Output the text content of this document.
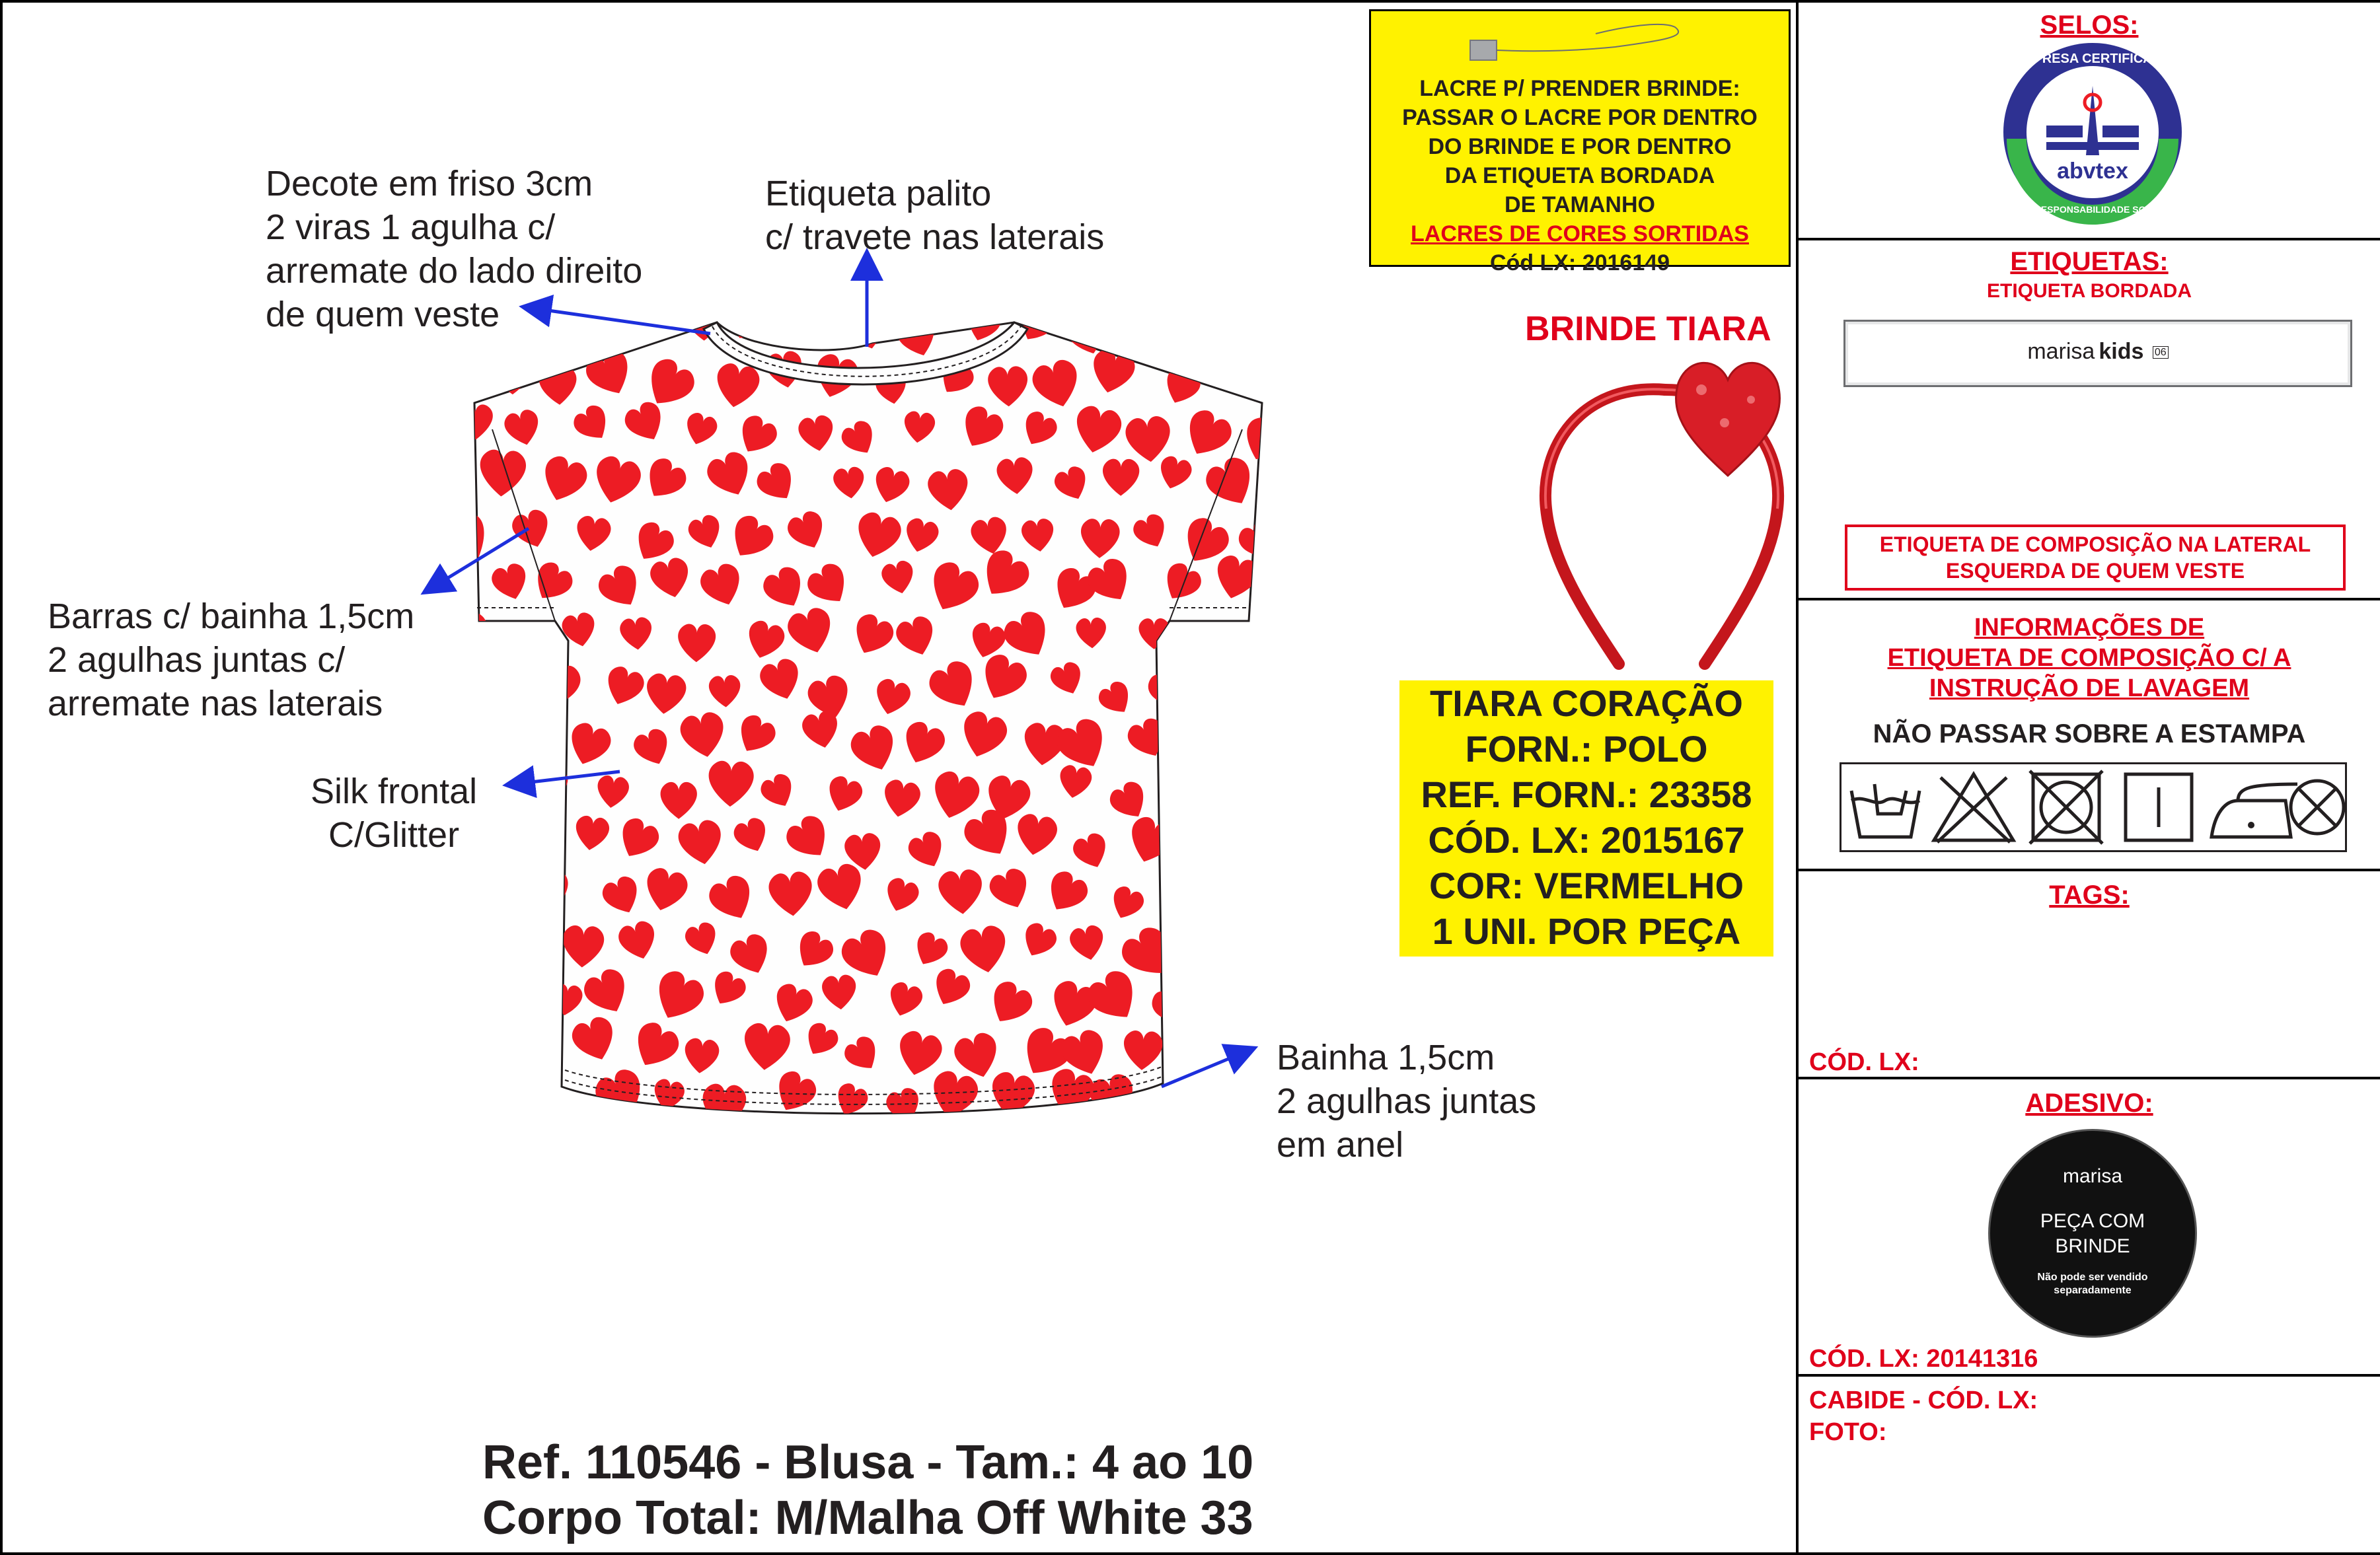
Decote em friso 3cm
2 viras 1 agulha c/
arremate do lado direito
de quem veste
Etiqueta palito
c/ travete nas laterais
Barras c/ bainha 1,5cm
2 agulhas juntas c/
arremate nas laterais
Silk frontal
C/Glitter
Bainha 1,5cm
2 agulhas juntas
em anel
LACRE P/ PRENDER BRINDE:
PASSAR O LACRE POR DENTRO
DO BRINDE E POR DENTRO
DA ETIQUETA BORDADA
DE TAMANHO
LACRES DE CORES SORTIDAS
Cód LX: 2016149
BRINDE TIARA
TIARA CORAÇÃO
FORN.: POLO
REF. FORN.: 23358
CÓD. LX: 2015167
COR: VERMELHO
1 UNI. POR PEÇA
Ref. 110546 - Blusa - Tam.: 4 ao 10
Corpo Total: M/Malha Off White 33
SELOS:
abvtex
EMPRESA CERTIFICADA
EM RESPONSABILIDADE SOCIAL
ETIQUETAS:
ETIQUETA BORDADA
marisa kids 06
ETIQUETA DE COMPOSIÇÃO NA LATERAL
ESQUERDA DE QUEM VESTE
INFORMAÇÕES DE
ETIQUETA DE COMPOSIÇÃO C/ A
INSTRUÇÃO DE LAVAGEM
NÃO PASSAR SOBRE A ESTAMPA
TAGS:
CÓD. LX:
ADESIVO:
marisa
PEÇA COM
BRINDE
Não pode ser vendido
separadamente
CÓD. LX: 20141316
CABIDE - CÓD. LX:
FOTO:
